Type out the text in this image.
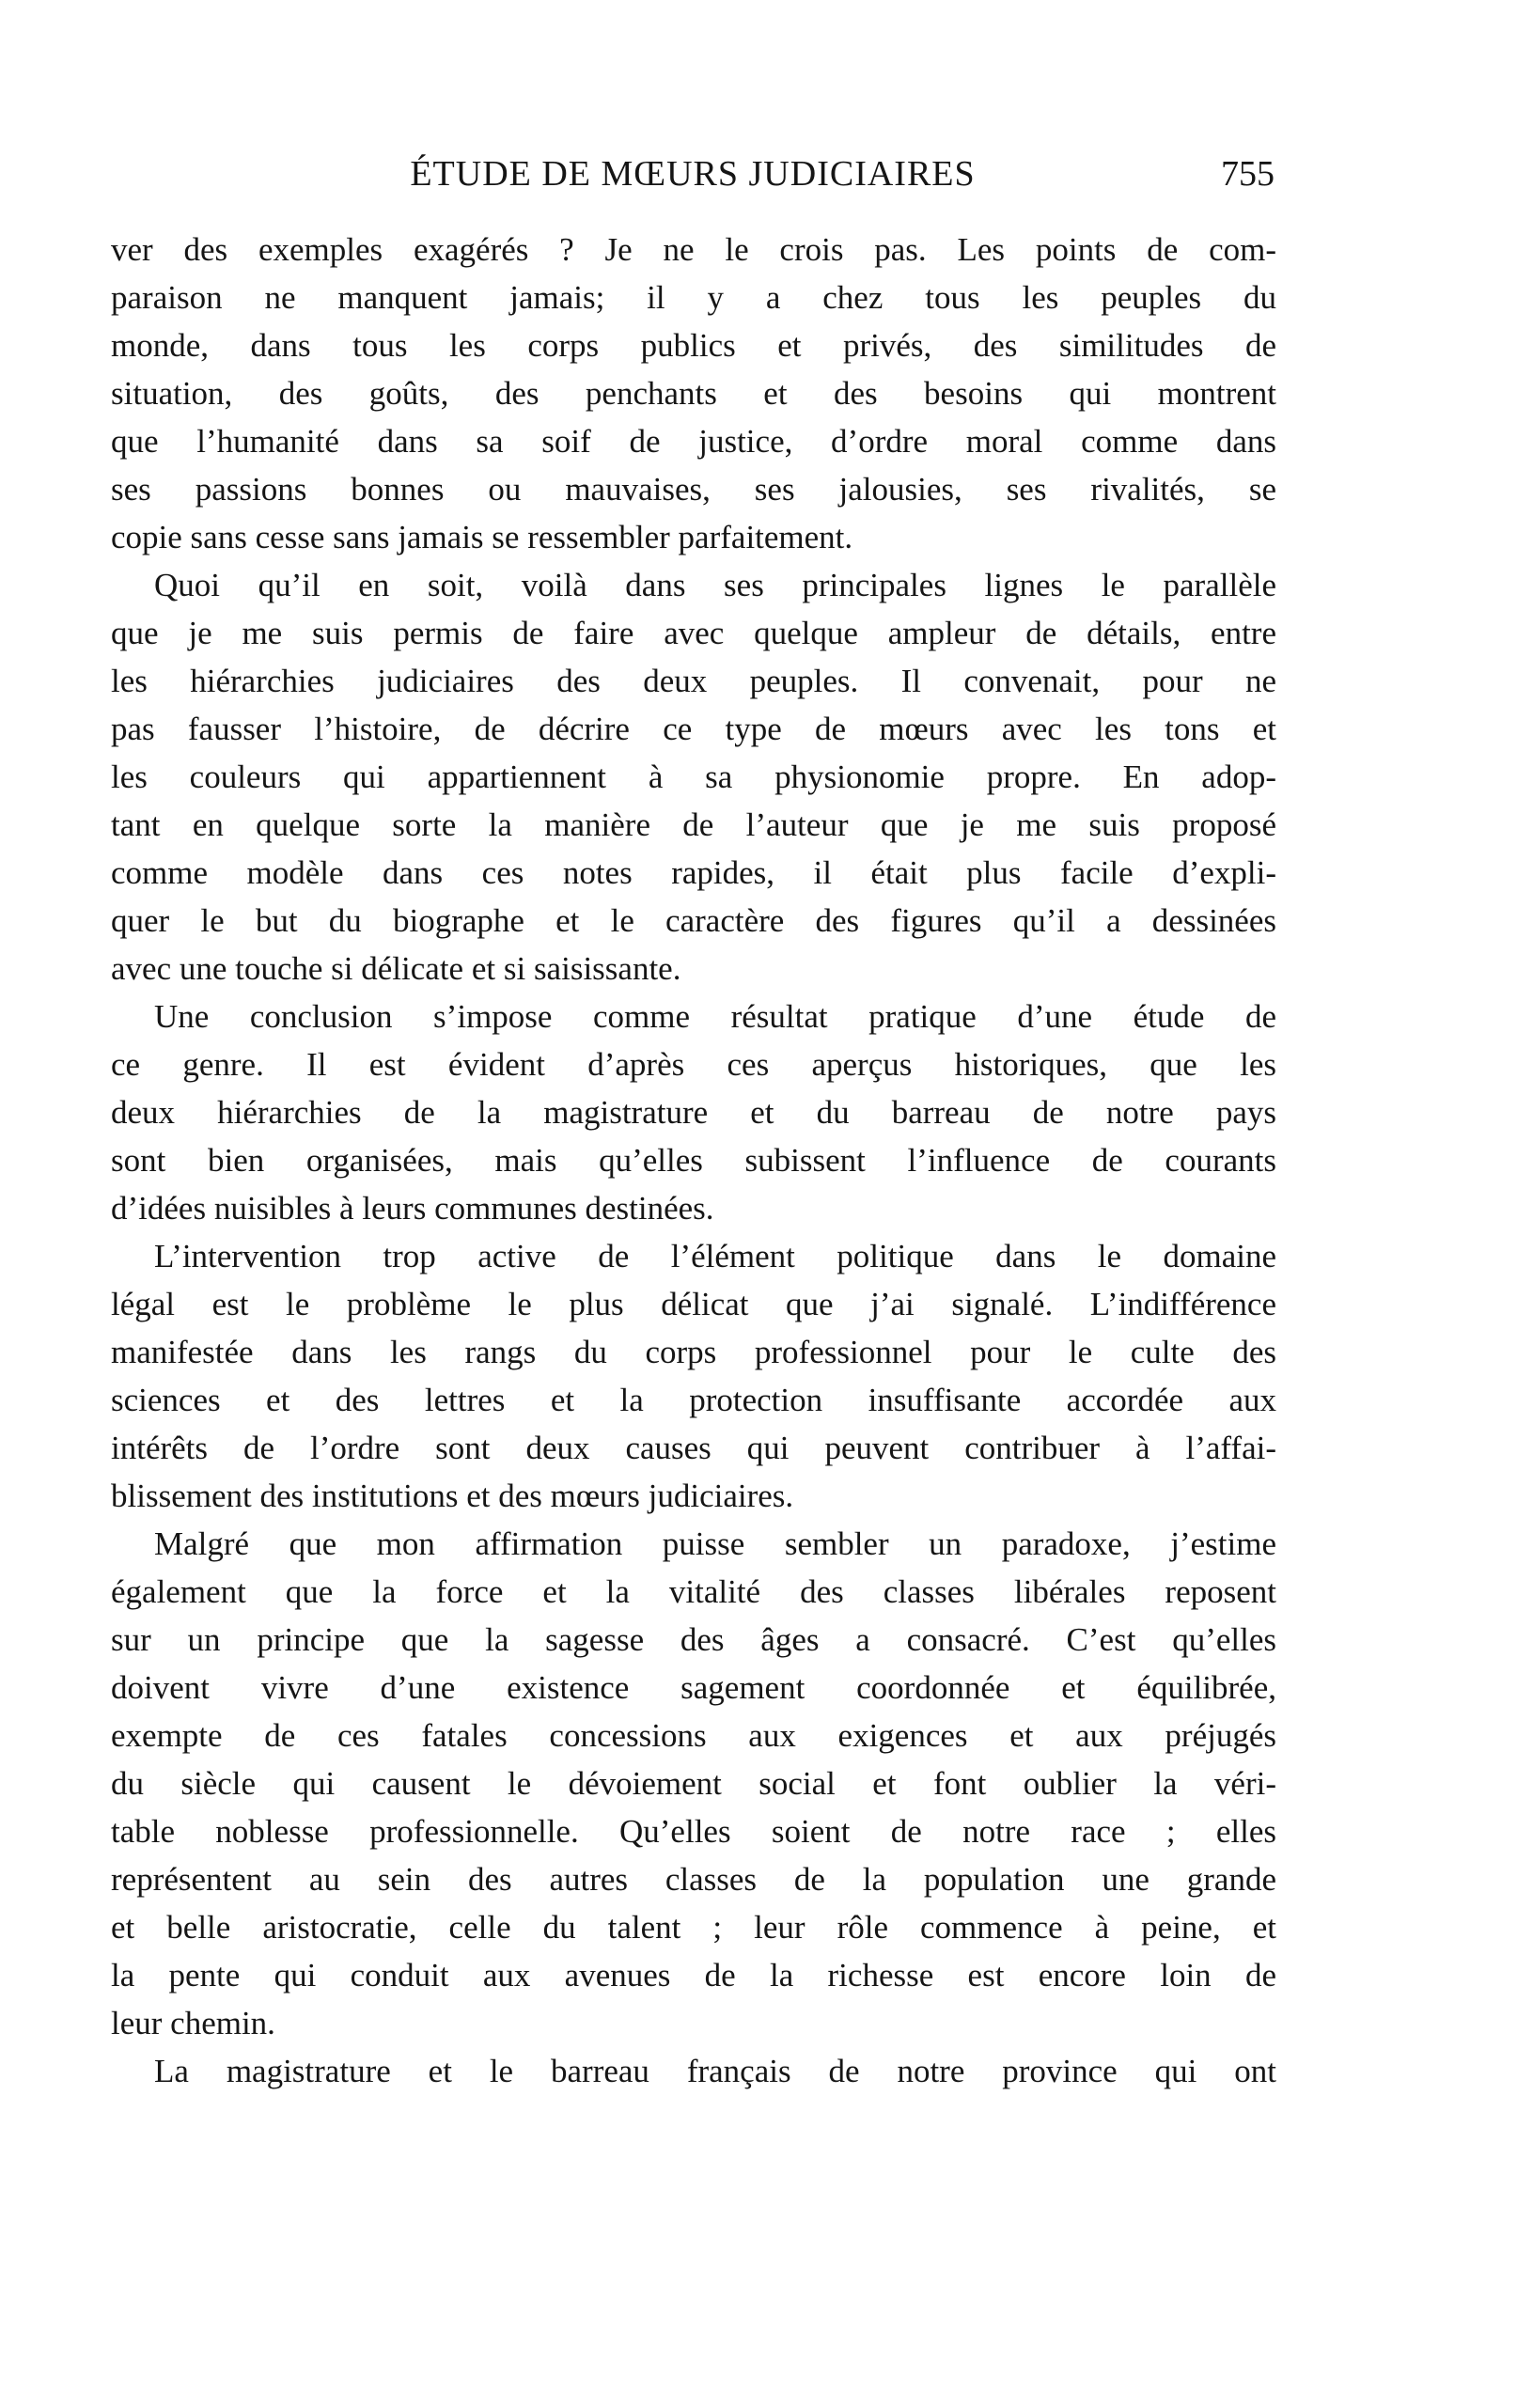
ÉTUDE DE MŒURS JUDICIAIRES	755
ver des exemples exagérés ? Je ne le crois pas. Les points de com-
paraison ne manquent jamais; il y a chez tous les peuples du
monde, dans tous les corps publics et privés, des similitudes de
situation, des goûts, des penchants et des besoins qui montrent
que l’humanité dans sa soif de justice, d’ordre moral comme dans
ses passions bonnes ou mauvaises, ses jalousies, ses rivalités, se
copie sans cesse sans jamais se ressembler parfaitement.
Quoi qu’il en soit, voilà dans ses principales lignes le parallèle
que je me suis permis de faire avec quelque ampleur de détails, entre
les hiérarchies judiciaires des deux peuples. Il convenait, pour ne
pas fausser l’histoire, de décrire ce type de mœurs avec les tons et
les couleurs qui appartiennent à sa physionomie propre. En adop-
tant en quelque sorte la manière de l’auteur que je me suis proposé
comme modèle dans ces notes rapides, il était plus facile d’expli-
quer le but du biographe et le caractère des figures qu’il a dessinées
avec une touche si délicate et si saisissante.
Une conclusion s’impose comme résultat pratique d’une étude de
ce genre. Il est évident d’après ces aperçus historiques, que les
deux hiérarchies de la magistrature et du barreau de notre pays
sont bien organisées, mais qu’elles subissent l’influence de courants
d’idées nuisibles à leurs communes destinées.
L’intervention trop active de l’élément politique dans le domaine
légal est le problème le plus délicat que j’ai signalé. L’indifférence
manifestée dans les rangs du corps professionnel pour le culte des
sciences et des lettres et la protection insuffisante accordée aux
intérêts de l’ordre sont deux causes qui peuvent contribuer à l’affai-
blissement des institutions et des mœurs judiciaires.
Malgré que mon affirmation puisse sembler un paradoxe, j’estime
également que la force et la vitalité des classes libérales reposent
sur un principe que la sagesse des âges a consacré. C’est qu’elles
doivent vivre d’une existence sagement coordonnée et équilibrée,
exempte de ces fatales concessions aux exigences et aux préjugés
du siècle qui causent le dévoiement social et font oublier la véri-
table noblesse professionnelle. Qu’elles soient de notre race ; elles
représentent au sein des autres classes de la population une grande
et belle aristocratie, celle du talent ; leur rôle commence à peine, et
la pente qui conduit aux avenues de la richesse est encore loin de
leur chemin.
La magistrature et le barreau français de notre province qui ont
